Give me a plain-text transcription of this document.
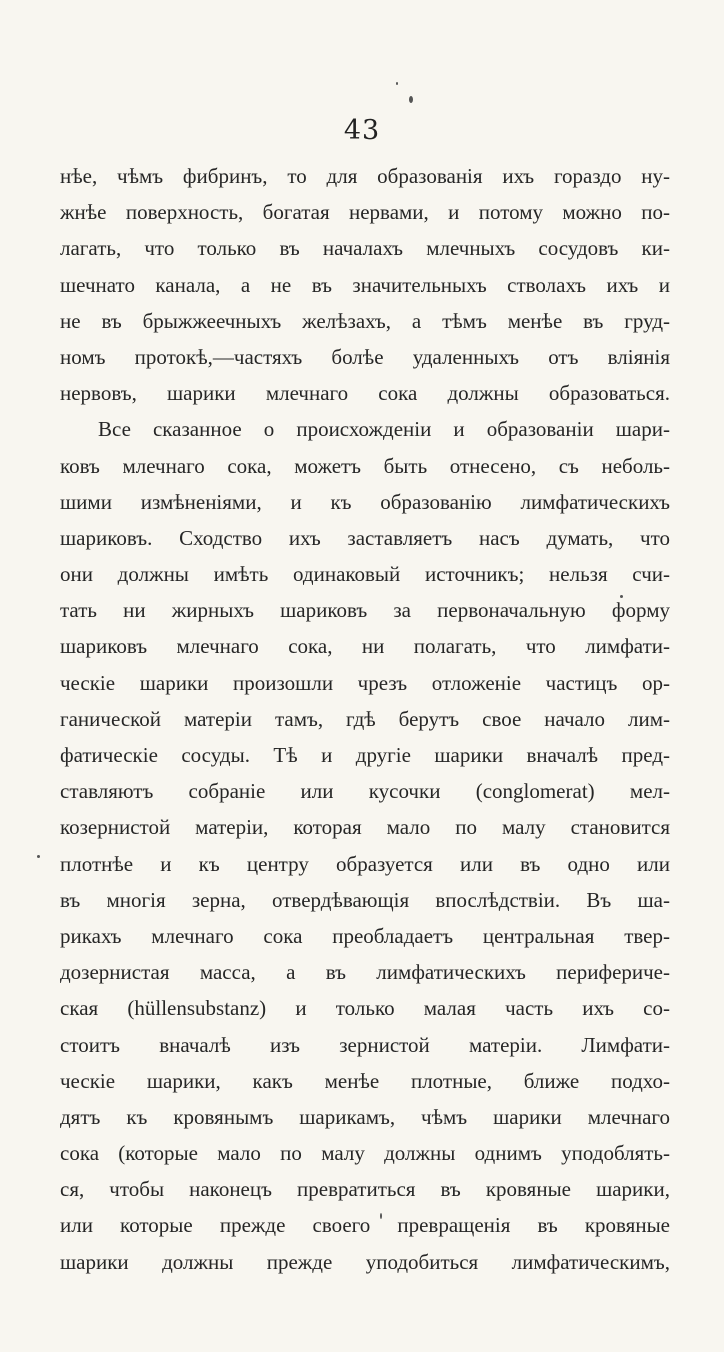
43
нѣе, чѣмъ фибринъ, то для образованія ихъ гораздо ну-
жнѣе поверхность, богатая нервами, и потому можно по-
лагать, что только въ началахъ млечныхъ сосудовъ ки-
шечнато канала, а не въ значительныхъ стволахъ ихъ и
не въ брыжжеечныхъ желѣзахъ, а тѣмъ менѣе въ груд-
номъ протокѣ,—частяхъ болѣе удаленныхъ отъ вліянія
нервовъ, шарики млечнаго сока должны образоваться.
Все сказанное о происхожденіи и образованіи шари-
ковъ млечнаго сока, можетъ быть отнесено, съ неболь-
шими измѣненіями, и къ образованію лимфатическихъ
шариковъ. Сходство ихъ заставляетъ насъ думать, что
они должны имѣть одинаковый источникъ; нельзя счи-
тать ни жирныхъ шариковъ за первоначальную форму
шариковъ млечнаго сока, ни полагать, что лимфати-
ческіе шарики произошли чрезъ отложеніе частицъ ор-
ганической матеріи тамъ, гдѣ берутъ свое начало лим-
фатическіе сосуды. Тѣ и другіе шарики вначалѣ пред-
ставляютъ собраніе или кусочки (conglomerat) мел-
козернистой матеріи, которая мало по малу становится
плотнѣе и къ центру образуется или въ одно или
въ многія зерна, отвердѣвающія впослѣдствіи. Въ ша-
рикахъ млечнаго сока преобладаетъ центральная твер-
дозернистая масса, а въ лимфатическихъ перифериче-
ская (hüllensubstanz) и только малая часть ихъ со-
стоитъ вначалѣ изъ зернистой матеріи. Лимфати-
ческіе шарики, какъ менѣе плотные, ближе подхо-
дятъ къ кровянымъ шарикамъ, чѣмъ шарики млечнаго
сока (которые мало по малу должны однимъ уподоблять-
ся, чтобы наконецъ превратиться въ кровяные шарики,
или которые прежде своего превращенія въ кровяные
шарики должны прежде уподобиться лимфатическимъ,
